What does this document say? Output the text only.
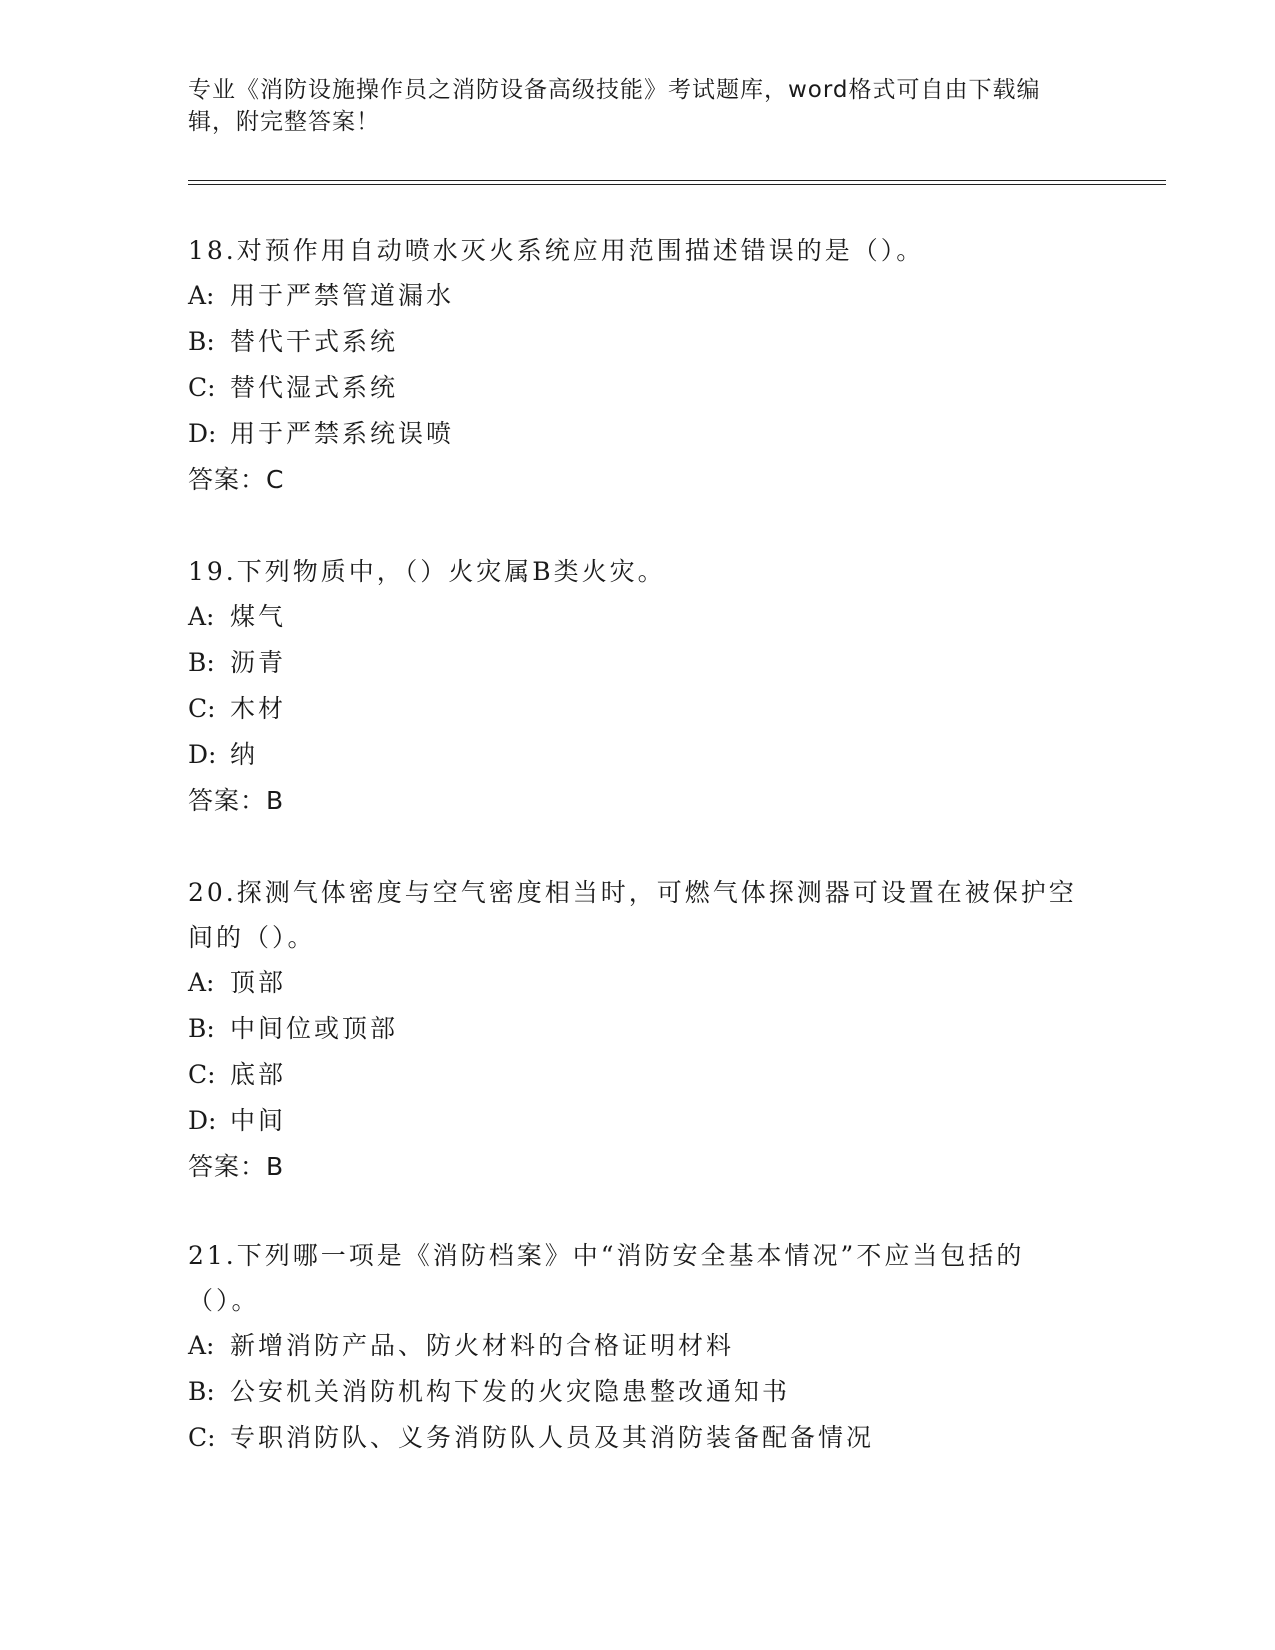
专业《消防设施操作员之消防设备高级技能》考试题库，word格式可自由下载编辑，附完整答案！

18.对预作用自动喷水灭火系统应用范围描述错误的是（）。

A: 用于严禁管道漏水

B: 替代干式系统

C: 替代湿式系统

D: 用于严禁系统误喷

答案：C

19.下列物质中，（）火灾属B类火灾。

A: 煤气

B: 沥青

C: 木材

D: 纳

答案：B

20.探测气体密度与空气密度相当时，可燃气体探测器可设置在被保护空间的（）。

A: 顶部

B: 中间位或顶部

C: 底部

D: 中间

答案：B

21.下列哪一项是《消防档案》中“消防安全基本情况”不应当包括的（）。

A: 新增消防产品、防火材料的合格证明材料

B: 公安机关消防机构下发的火灾隐患整改通知书

C: 专职消防队、义务消防队人员及其消防装备配备情况
